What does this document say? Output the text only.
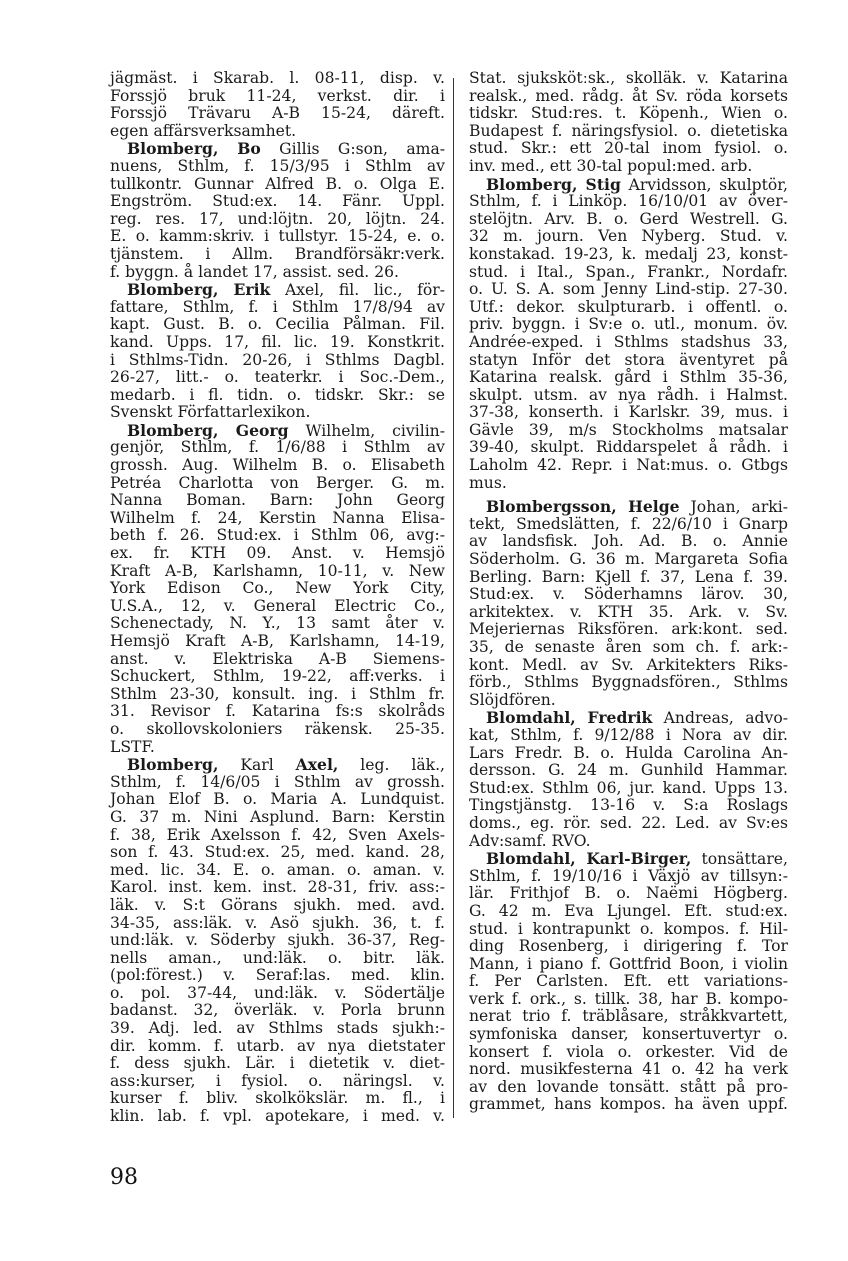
jägmäst. i Skarab. l. 08-11, disp. v.
Forssjö bruk 11-24, verkst. dir. i
Forssjö Trävaru A-B 15-24, däreft.
egen affärsverksamhet.
Blomberg, Bo Gillis G:son, ama-
nuens, Sthlm, f. 15/3/95 i Sthlm av
tullkontr. Gunnar Alfred B. o. Olga E.
Engström. Stud:ex. 14. Fänr. Uppl.
reg. res. 17, und:löjtn. 20, löjtn. 24.
E. o. kamm:skriv. i tullstyr. 15-24, e. o.
tjänstem. i Allm. Brandförsäkr:verk.
f. byggn. å landet 17, assist. sed. 26.
Blomberg, Erik Axel, fil. lic., för-
fattare, Sthlm, f. i Sthlm 17/8/94 av
kapt. Gust. B. o. Cecilia Pålman. Fil.
kand. Upps. 17, fil. lic. 19. Konstkrit.
i Sthlms-Tidn. 20-26, i Sthlms Dagbl.
26-27, litt.- o. teaterkr. i Soc.-Dem.,
medarb. i fl. tidn. o. tidskr. Skr.: se
Svenskt Författarlexikon.
Blomberg, Georg Wilhelm, civilin-
genjör, Sthlm, f. 1/6/88 i Sthlm av
grossh. Aug. Wilhelm B. o. Elisabeth
Petréa Charlotta von Berger. G. m.
Nanna Boman. Barn: John Georg
Wilhelm f. 24, Kerstin Nanna Elisa-
beth f. 26. Stud:ex. i Sthlm 06, avg:-
ex. fr. KTH 09. Anst. v. Hemsjö
Kraft A-B, Karlshamn, 10-11, v. New
York Edison Co., New York City,
U.S.A., 12, v. General Electric Co.,
Schenectady, N. Y., 13 samt åter v.
Hemsjö Kraft A-B, Karlshamn, 14-19,
anst. v. Elektriska A-B Siemens-
Schuckert, Sthlm, 19-22, aff:verks. i
Sthlm 23-30, konsult. ing. i Sthlm fr.
31. Revisor f. Katarina fs:s skolråds
o. skollovskoloniers räkensk. 25-35.
LSTF.
Blomberg, Karl Axel, leg. läk.,
Sthlm, f. 14/6/05 i Sthlm av grossh.
Johan Elof B. o. Maria A. Lundquist.
G. 37 m. Nini Asplund. Barn: Kerstin
f. 38, Erik Axelsson f. 42, Sven Axels-
son f. 43. Stud:ex. 25, med. kand. 28,
med. lic. 34. E. o. aman. o. aman. v.
Karol. inst. kem. inst. 28-31, friv. ass:-
läk. v. S:t Görans sjukh. med. avd.
34-35, ass:läk. v. Asö sjukh. 36, t. f.
und:läk. v. Söderby sjukh. 36-37, Reg-
nells aman., und:läk. o. bitr. läk.
(pol:förest.) v. Seraf:las. med. klin.
o. pol. 37-44, und:läk. v. Södertälje
badanst. 32, överläk. v. Porla brunn
39. Adj. led. av Sthlms stads sjukh:-
dir. komm. f. utarb. av nya dietstater
f. dess sjukh. Lär. i dietetik v. diet-
ass:kurser, i fysiol. o. näringsl. v.
kurser f. bliv. skolkökslär. m. fl., i
klin. lab. f. vpl. apotekare, i med. v.
Stat. sjukskötːsk., skolläk. v. Katarina
realsk., med. rådg. åt Sv. röda korsets
tidskr. Stud:res. t. Köpenh., Wien o.
Budapest f. näringsfysiol. o. dietetiska
stud. Skr.: ett 20-tal inom fysiol. o.
inv. med., ett 30-tal popul:med. arb.
Blomberg, Stig Arvidsson, skulptör,
Sthlm, f. i Linköp. 16/10/01 av över-
stelöjtn. Arv. B. o. Gerd Westrell. G.
32 m. journ. Ven Nyberg. Stud. v.
konstakad. 19-23, k. medalj 23, konst-
stud. i Ital., Span., Frankr., Nordafr.
o. U. S. A. som Jenny Lind-stip. 27-30.
Utf.: dekor. skulpturarb. i offentl. o.
priv. byggn. i Sv:e o. utl., monum. öv.
Andrée-exped. i Sthlms stadshus 33,
statyn Inför det stora äventyret på
Katarina realsk. gård i Sthlm 35-36,
skulpt. utsm. av nya rådh. i Halmst.
37-38, konserth. i Karlskr. 39, mus. i
Gävle 39, m/s Stockholms matsalar
39-40, skulpt. Riddarspelet å rådh. i
Laholm 42. Repr. i Nat:mus. o. Gtbgs
mus.
Blombergsson, Helge Johan, arki-
tekt, Smedslätten, f. 22/6/10 i Gnarp
av landsfisk. Joh. Ad. B. o. Annie
Söderholm. G. 36 m. Margareta Sofia
Berling. Barn: Kjell f. 37, Lena f. 39.
Stud:ex. v. Söderhamns lärov. 30,
arkitektex. v. KTH 35. Ark. v. Sv.
Mejeriernas Riksfören. ark:kont. sed.
35, de senaste åren som ch. f. ark:-
kont. Medl. av Sv. Arkitekters Riks-
förb., Sthlms Byggnadsfören., Sthlms
Slöjdfören.
Blomdahl, Fredrik Andreas, advo-
kat, Sthlm, f. 9/12/88 i Nora av dir.
Lars Fredr. B. o. Hulda Carolina An-
dersson. G. 24 m. Gunhild Hammar.
Stud:ex. Sthlm 06, jur. kand. Upps 13.
Tingstjänstg. 13-16 v. S:a Roslags
doms., eg. rör. sed. 22. Led. av Sv:es
Adv:samf. RVO.
Blomdahl, Karl-Birger, tonsättare,
Sthlm, f. 19/10/16 i Växjö av tillsyn:-
lär. Frithjof B. o. Naëmi Högberg.
G. 42 m. Eva Ljungel. Eft. stud:ex.
stud. i kontrapunkt o. kompos. f. Hil-
ding Rosenberg, i dirigering f. Tor
Mann, i piano f. Gottfrid Boon, i violin
f. Per Carlsten. Eft. ett variations-
verk f. ork., s. tillk. 38, har B. kompo-
nerat trio f. träblåsare, stråkkvartett,
symfoniska danser, konsertuvertyr o.
konsert f. viola o. orkester. Vid de
nord. musikfesterna 41 o. 42 ha verk
av den lovande tonsätt. stått på pro-
grammet, hans kompos. ha även uppf.
98
